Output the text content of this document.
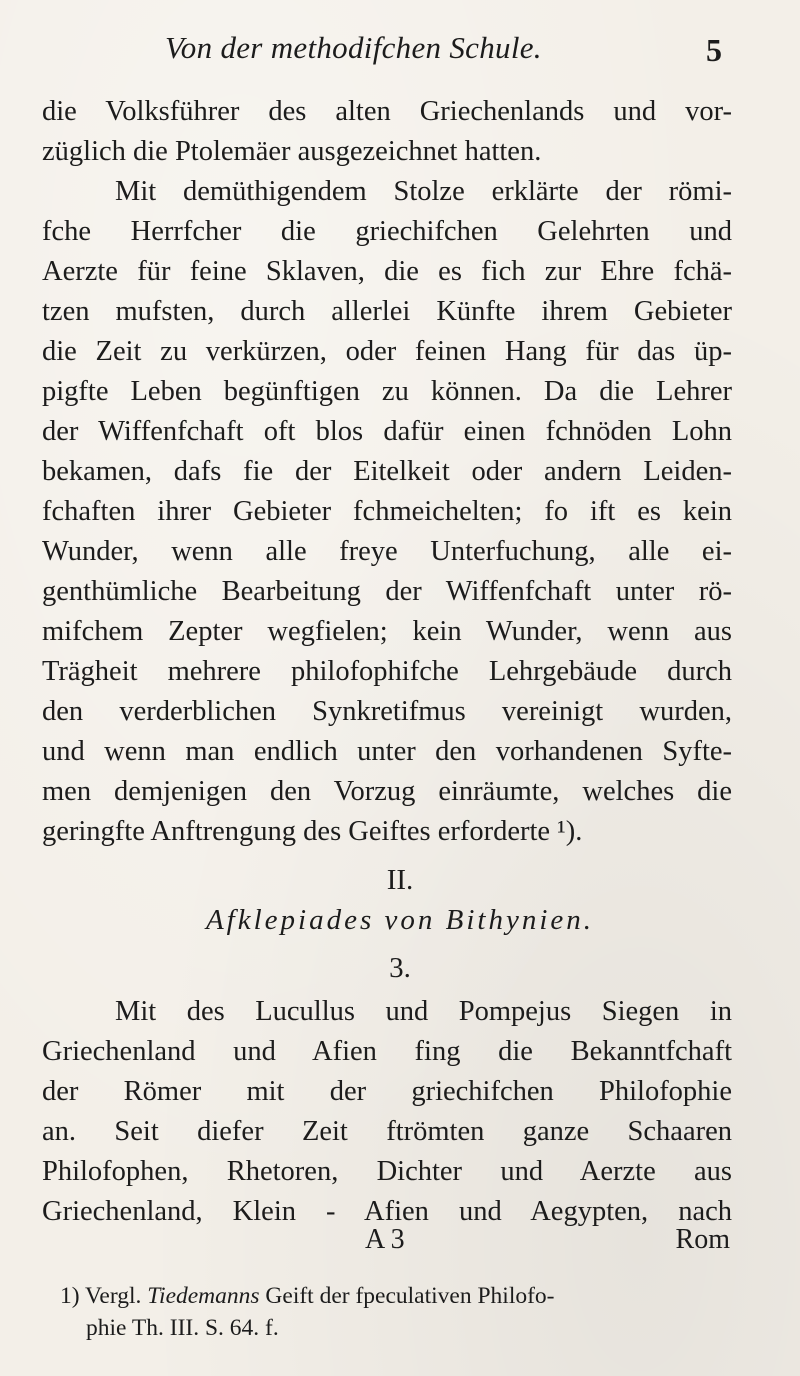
Von der methodifchen Schule.	5
die Volksführer des alten Griechenlands und vor-
züglich die Ptolemäer ausgezeichnet hatten.
Mit demüthigendem Stolze erklärte der römi-
fche Herrfcher die griechifchen Gelehrten und
Aerzte für feine Sklaven, die es fich zur Ehre fchä-
tzen mufsten, durch allerlei Künfte ihrem Gebieter
die Zeit zu verkürzen, oder feinen Hang für das üp-
pigfte Leben begünftigen zu können. Da die Lehrer
der Wiffenfchaft oft blos dafür einen fchnöden Lohn
bekamen, dafs fie der Eitelkeit oder andern Leiden-
fchaften ihrer Gebieter fchmeichelten; fo ift es kein
Wunder, wenn alle freye Unterfuchung, alle ei-
genthümliche Bearbeitung der Wiffenfchaft unter rö-
mifchem Zepter wegfielen; kein Wunder, wenn aus
Trägheit mehrere philofophifche Lehrgebäude durch
den verderblichen Synkretifmus vereinigt wurden,
und wenn man endlich unter den vorhandenen Syfte-
men demjenigen den Vorzug einräumte, welches die
geringfte Anftrengung des Geiftes erforderte ¹).
II.
Afklepiades von Bithynien.
3.
Mit des Lucullus und Pompejus Siegen in
Griechenland und Afien fing die Bekanntfchaft
der Römer mit der griechifchen Philofophie
an. Seit diefer Zeit ftrömten ganze Schaaren
Philofophen, Rhetoren, Dichter und Aerzte aus
Griechenland, Klein - Afien und Aegypten, nach
A 3	Rom
1) Vergl. Tiedemanns Geift der fpeculativen Philofo-
phie Th. III. S. 64. f.
